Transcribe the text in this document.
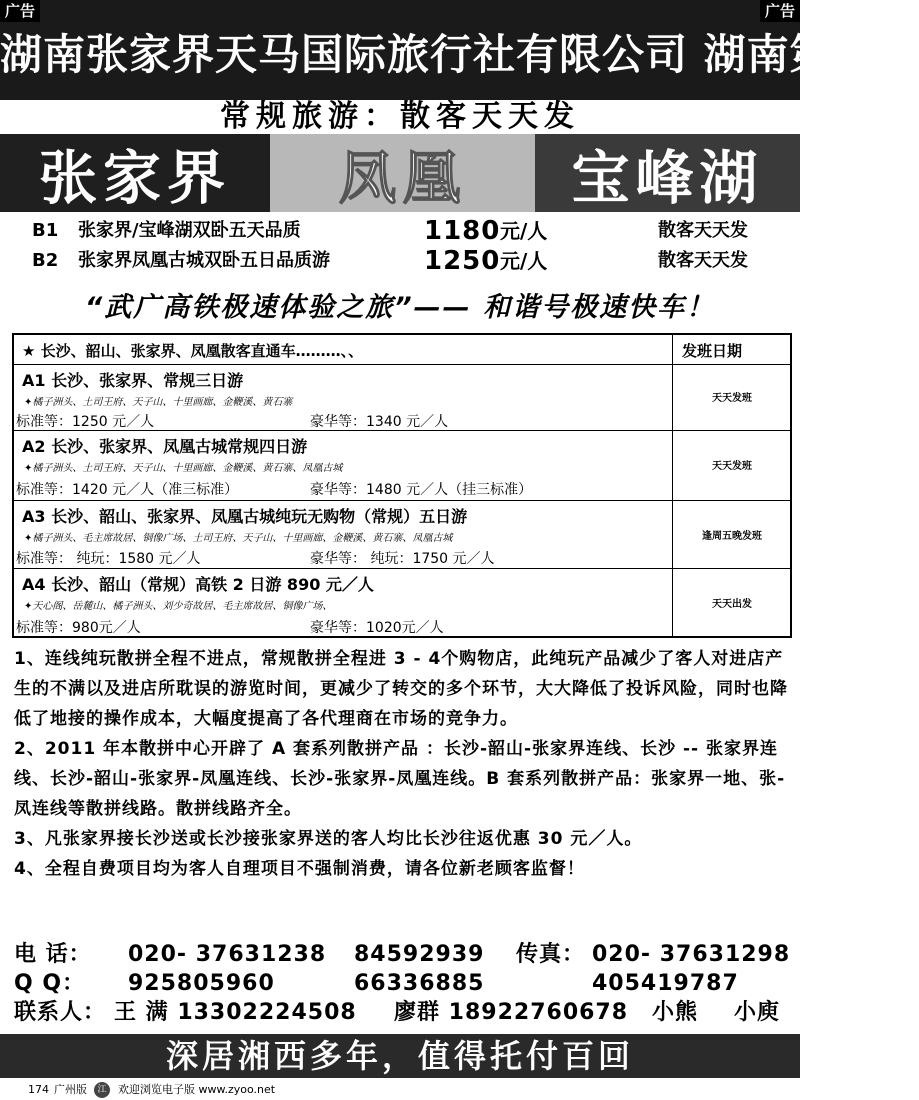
广告	广告
湖南张家界天马国际旅行社有限公司 湖南第一旅
常规旅游：散客天天发
张家界	凤凰	宝峰湖
B1 张家界/宝峰湖双卧五天品质	1180 元/人	散客天天发
B2 张家界凤凰古城双卧五日品质游	1250 元/人	散客天天发
“武广高铁极速体验之旅”—— 和谐号极速快车！
★ 长沙、韶山、张家界、凤凰散客直通车………、、	发班日期
A1 长沙、张家界、常规三日游
✦橘子洲头、土司王府、天子山、十里画廊、金鞭溪、黄石寨
标准等：1250 元／人	豪华等：1340 元／人
天天发班
A2 长沙、张家界、凤凰古城常规四日游
✦橘子洲头、土司王府、天子山、十里画廊、金鞭溪、黄石寨、凤凰古城
标准等：1420 元／人（准三标准）	豪华等：1480 元／人（挂三标准）
天天发班
A3 长沙、韶山、张家界、凤凰古城纯玩无购物（常规）五日游
✦橘子洲头、毛主席故居、铜像广场、土司王府、天子山、十里画廊、金鞭溪、黄石寨、凤凰古城
标准等： 纯玩：1580 元／人	豪华等： 纯玩：1750 元／人
逢周五晚发班
A4 长沙、韶山（常规）高铁 2 日游 890 元／人
✦天心阁、岳麓山、橘子洲头、刘少奇故居、毛主席故居、铜像广场、
标准等：980元／人	豪华等：1020元／人
天天出发

1、连线纯玩散拼全程不进点，常规散拼全程进 3 - 4个购物店，此纯玩产品减少了客人对进店产生的不满以及进店所耽误的游览时间，更减少了转交的多个环节，大大降低了投诉风险，同时也降低了地接的操作成本，大幅度提高了各代理商在市场的竞争力。

2、2011 年本散拼中心开辟了 A 套系列散拼产品 ：长沙-韶山-张家界连线、长沙 -- 张家界连线、长沙-韶山-张家界-凤凰连线、长沙-张家界-凤凰连线。B 套系列散拼产品：张家界一地、张-凤连线等散拼线路。散拼线路齐全。

3、凡张家界接长沙送或长沙接张家界送的客人均比长沙往返优惠 30 元／人。

4、全程自费项目均为客人自理项目不强制消费，请各位新老顾客监督！

电 话： 020- 37631238 84592939 传真： 020- 37631298
Q Q： 925805960	66336885	405419787
联系人： 王 满 13302224508 廖群 18922760678 小熊 小庾
深居湘西多年，值得托付百回
174 广州版	江	欢迎浏览电子版 www.zyoo.net
